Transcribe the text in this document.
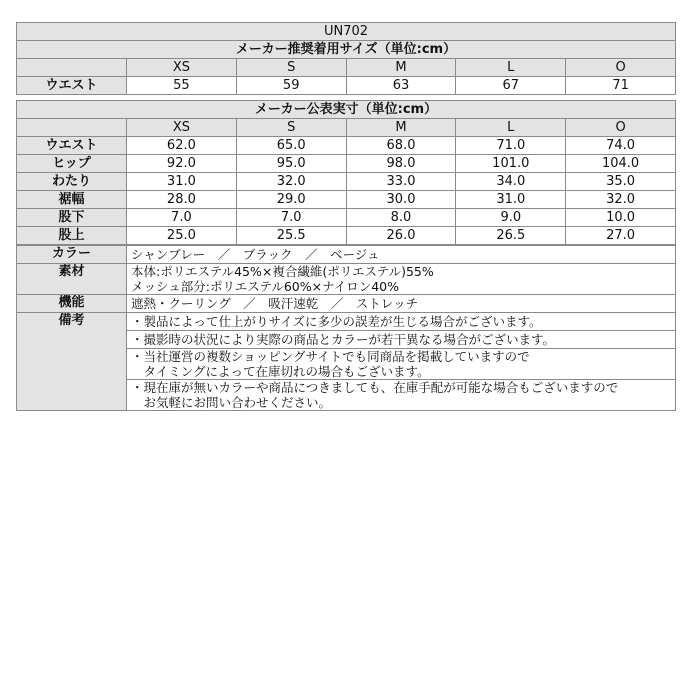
UN702					
メーカー推奨着用サイズ（単位:cm）					
	XS	S	M	L	O
ウエスト	55	59	63	67	71
メーカー公表実寸（単位:cm）					
	XS	S	M	L	O
ウエスト	62.0	65.0	68.0	71.0	74.0
ヒップ	92.0	95.0	98.0	101.0	104.0
わたり	31.0	32.0	33.0	34.0	35.0
裾幅	28.0	29.0	30.0	31.0	32.0
股下	7.0	7.0	8.0	9.0	10.0
股上	25.0	25.5	26.0	26.5	27.0
カラー	シャンブレー　／　ブラック　／　ベージュ
素材	本体:ポリエステル45%×複合繊維(ポリエステル)55%
メッシュ部分:ポリエステル60%×ナイロン40%

機能	遮熱・クーリング　／　吸汗速乾　／　ストレッチ
備考	・製品によって仕上がりサイズに多少の誤差が生じる場合がございます。

	・撮影時の状況により実際の商品とカラーが若干異なる場合がございます。

	・当社運営の複数ショッピングサイトでも同商品を掲載していますので
　タイミングによって在庫切れの場合もございます。

	・現在庫が無いカラーや商品につきましても、在庫手配が可能な場合もございますので
　お気軽にお問い合わせください。
